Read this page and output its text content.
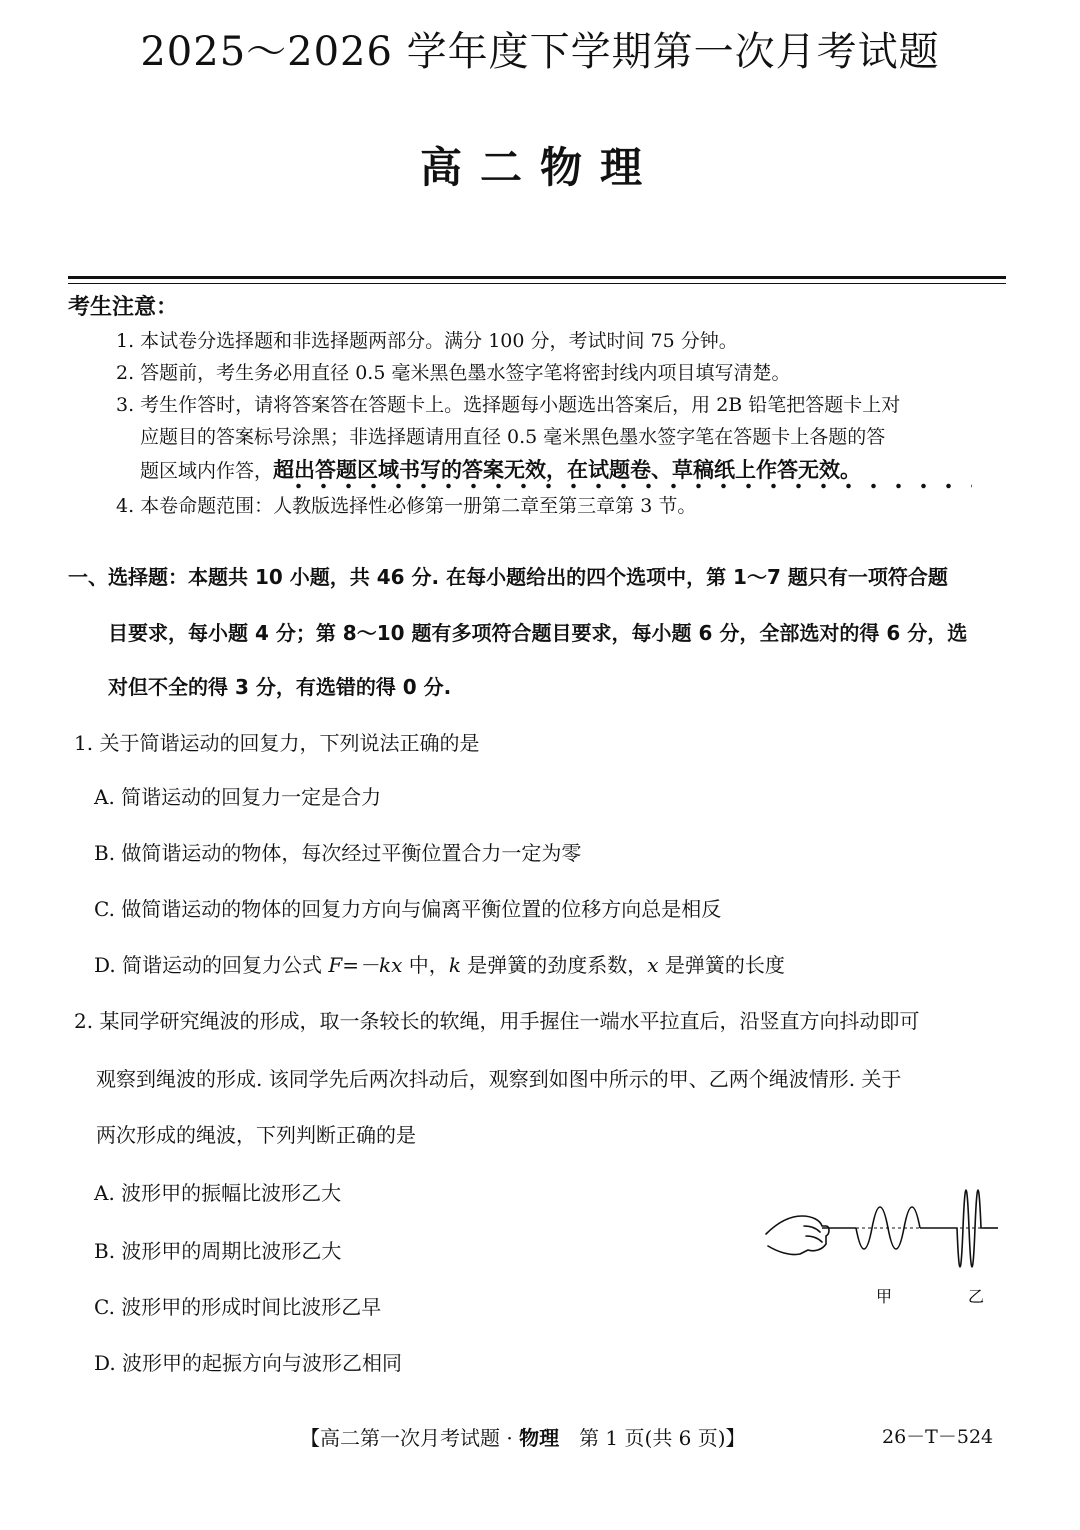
2025～2026 学年度下学期第一次月考试题
高二物理
考生注意：
1. 本试卷分选择题和非选择题两部分。满分 100 分，考试时间 75 分钟。
2. 答题前，考生务必用直径 0.5 毫米黑色墨水签字笔将密封线内项目填写清楚。
3. 考生作答时，请将答案答在答题卡上。选择题每小题选出答案后，用 2B 铅笔把答题卡上对
应题目的答案标号涂黑；非选择题请用直径 0.5 毫米黑色墨水签字笔在答题卡上各题的答
题区域内作答，超出答题区域书写的答案无效，在试题卷、草稿纸上作答无效。
4. 本卷命题范围：人教版选择性必修第一册第二章至第三章第 3 节。
一、选择题：本题共 10 小题，共 46 分. 在每小题给出的四个选项中，第 1～7 题只有一项符合题
目要求，每小题 4 分；第 8～10 题有多项符合题目要求，每小题 6 分，全部选对的得 6 分，选
对但不全的得 3 分，有选错的得 0 分.
1. 关于简谐运动的回复力，下列说法正确的是
A. 简谐运动的回复力一定是合力
B. 做简谐运动的物体，每次经过平衡位置合力一定为零
C. 做简谐运动的物体的回复力方向与偏离平衡位置的位移方向总是相反
D. 简谐运动的回复力公式 F=－kx 中，k 是弹簧的劲度系数，x 是弹簧的长度
2. 某同学研究绳波的形成，取一条较长的软绳，用手握住一端水平拉直后，沿竖直方向抖动即可
观察到绳波的形成. 该同学先后两次抖动后，观察到如图中所示的甲、乙两个绳波情形. 关于
两次形成的绳波，下列判断正确的是
A. 波形甲的振幅比波形乙大
B. 波形甲的周期比波形乙大
C. 波形甲的形成时间比波形乙早
D. 波形甲的起振方向与波形乙相同
甲	乙
【高二第一次月考试题 · 物理　第 1 页(共 6 页)】	26－T－524
